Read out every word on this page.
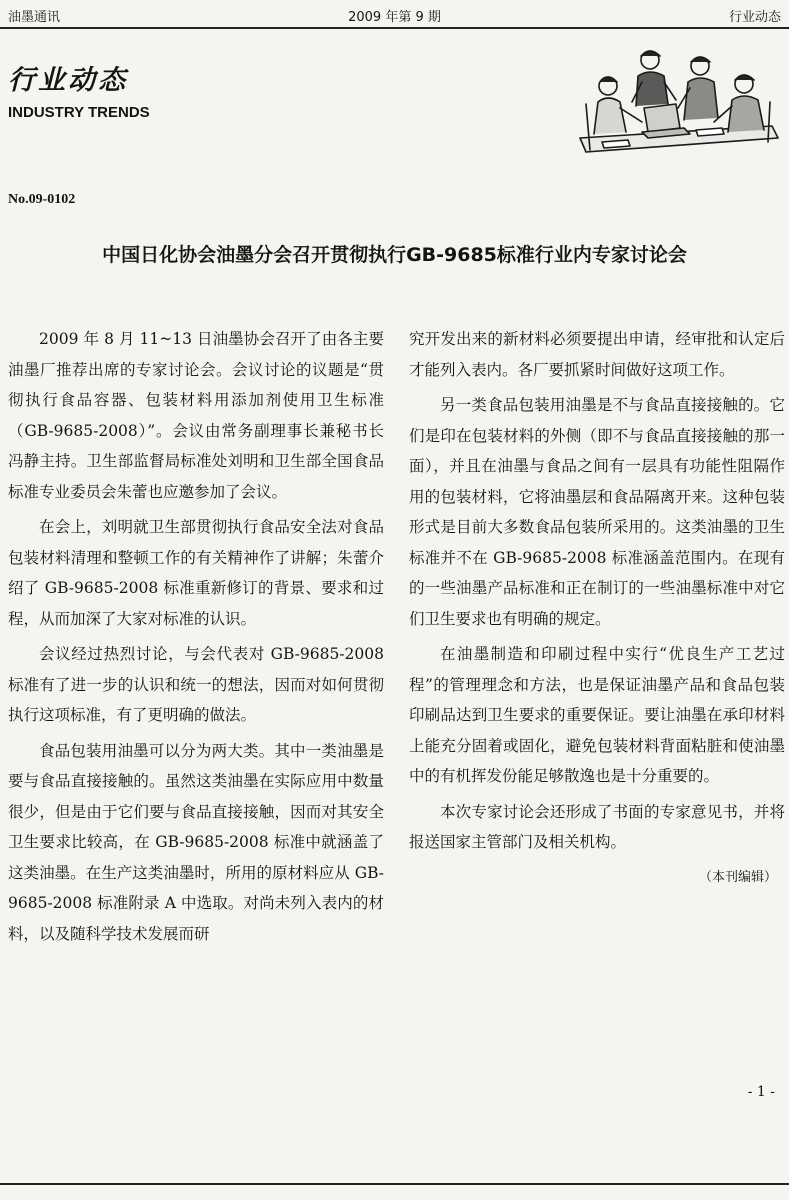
油墨通讯	2009 年第 9 期	行业动态
行业动态
INDUSTRY TRENDS
No.09-0102
中国日化协会油墨分会召开贯彻执行GB-9685标准行业内专家讨论会

2009 年 8 月 11~13 日油墨协会召开了由各主要油墨厂推荐出席的专家讨论会。会议讨论的议题是“贯彻执行食品容器、包装材料用添加剂使用卫生标准（GB-9685-2008）”。会议由常务副理事长兼秘书长冯静主持。卫生部监督局标准处刘明和卫生部全国食品标准专业委员会朱蕾也应邀参加了会议。

在会上，刘明就卫生部贯彻执行食品安全法对食品包装材料清理和整顿工作的有关精神作了讲解；朱蕾介绍了 GB-9685-2008 标准重新修订的背景、要求和过程，从而加深了大家对标准的认识。

会议经过热烈讨论，与会代表对 GB-9685-2008 标准有了进一步的认识和统一的想法，因而对如何贯彻执行这项标准，有了更明确的做法。

食品包装用油墨可以分为两大类。其中一类油墨是要与食品直接接触的。虽然这类油墨在实际应用中数量很少，但是由于它们要与食品直接接触，因而对其安全卫生要求比较高，在 GB-9685-2008 标准中就涵盖了这类油墨。在生产这类油墨时，所用的原材料应从 GB-9685-2008 标准附录 A 中选取。对尚未列入表内的材料，以及随科学技术发展而研

究开发出来的新材料必须要提出申请，经审批和认定后才能列入表内。各厂要抓紧时间做好这项工作。

另一类食品包装用油墨是不与食品直接接触的。它们是印在包装材料的外侧（即不与食品直接接触的那一面），并且在油墨与食品之间有一层具有功能性阻隔作用的包装材料，它将油墨层和食品隔离开来。这种包装形式是目前大多数食品包装所采用的。这类油墨的卫生标准并不在 GB-9685-2008 标准涵盖范围内。在现有的一些油墨产品标准和正在制订的一些油墨标准中对它们卫生要求也有明确的规定。

在油墨制造和印刷过程中实行“优良生产工艺过程”的管理理念和方法，也是保证油墨产品和食品包装印刷品达到卫生要求的重要保证。要让油墨在承印材料上能充分固着或固化，避免包装材料背面粘脏和使油墨中的有机挥发份能足够散逸也是十分重要的。

本次专家讨论会还形成了书面的专家意见书，并将报送国家主管部门及相关机构。

（本刊编辑）

- 1 -
